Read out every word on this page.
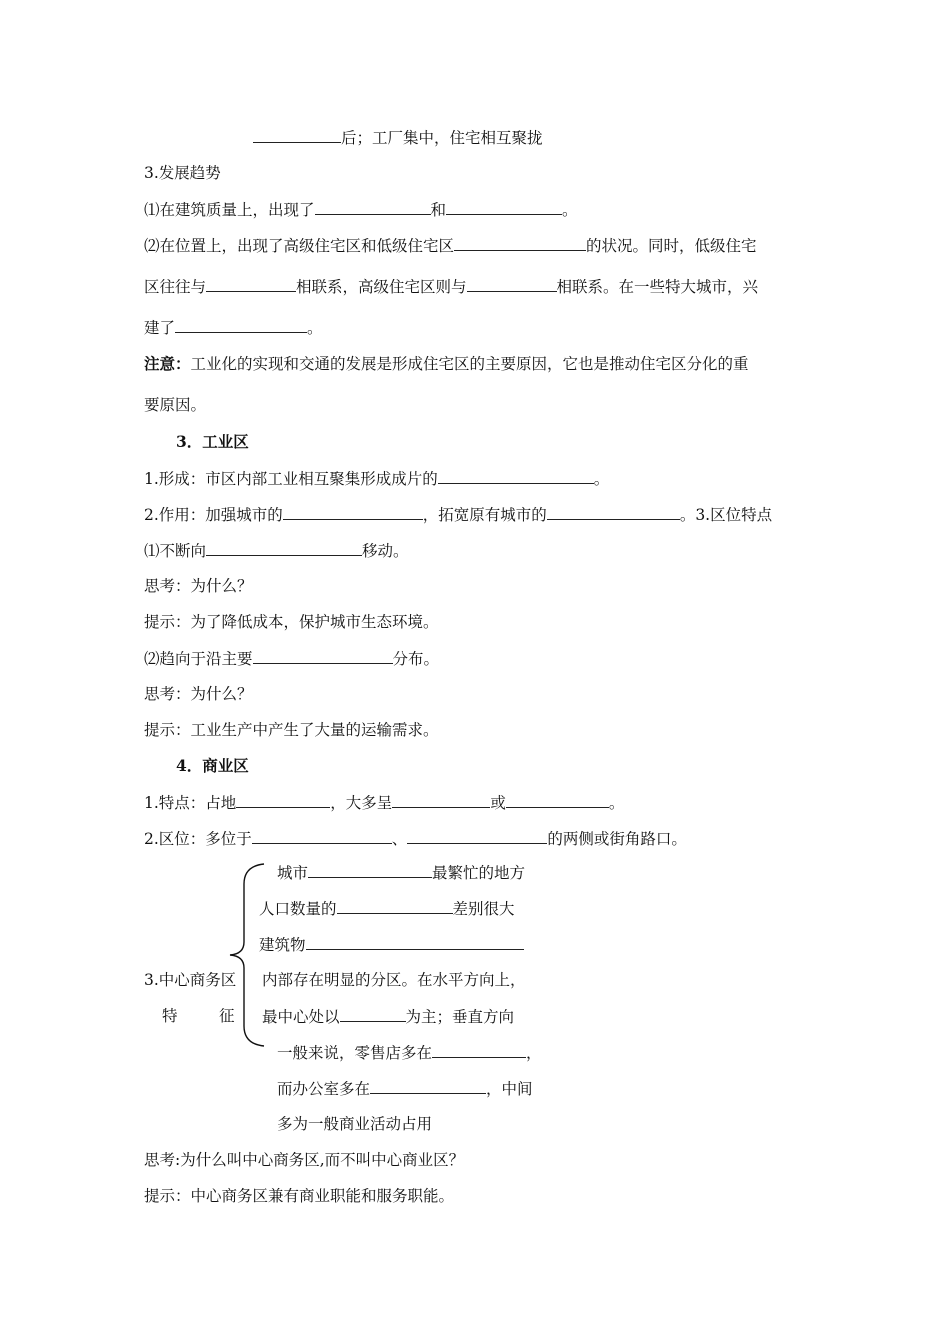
后；工厂集中，住宅相互聚拢
3.发展趋势
⑴在建筑质量上，出现了	和	。
⑵在位置上，出现了高级住宅区和低级住宅区	的状况。同时，低级住宅
区往往与	相联系，高级住宅区则与	相联系。在一些特大城市，兴
建了	。
注意：工业化的实现和交通的发展是形成住宅区的主要原因，它也是推动住宅区分化的重
要原因。
3．工业区
1.形成：市区内部工业相互聚集形成成片的	。
2.作用：加强城市的	，拓宽原有城市的	。3.区位特点
⑴不断向	移动。
思考：为什么？
提示：为了降低成本，保护城市生态环境。
⑵趋向于沿主要	分布。
思考：为什么？
提示：工业生产中产生了大量的运输需求。
4．商业区
1.特点：占地	，大多呈	或	。
2.区位：多位于	、	的两侧或街角路口。
城市	最繁忙的地方
人口数量的	差别很大
建筑物
3.中心商务区 内部存在明显的分区。在水平方向上，
特	征 最中心处以	为主；垂直方向
一般来说，零售店多在	，
而办公室多在	，中间
多为一般商业活动占用
思考:为什么叫中心商务区,而不叫中心商业区？
提示：中心商务区兼有商业职能和服务职能。
